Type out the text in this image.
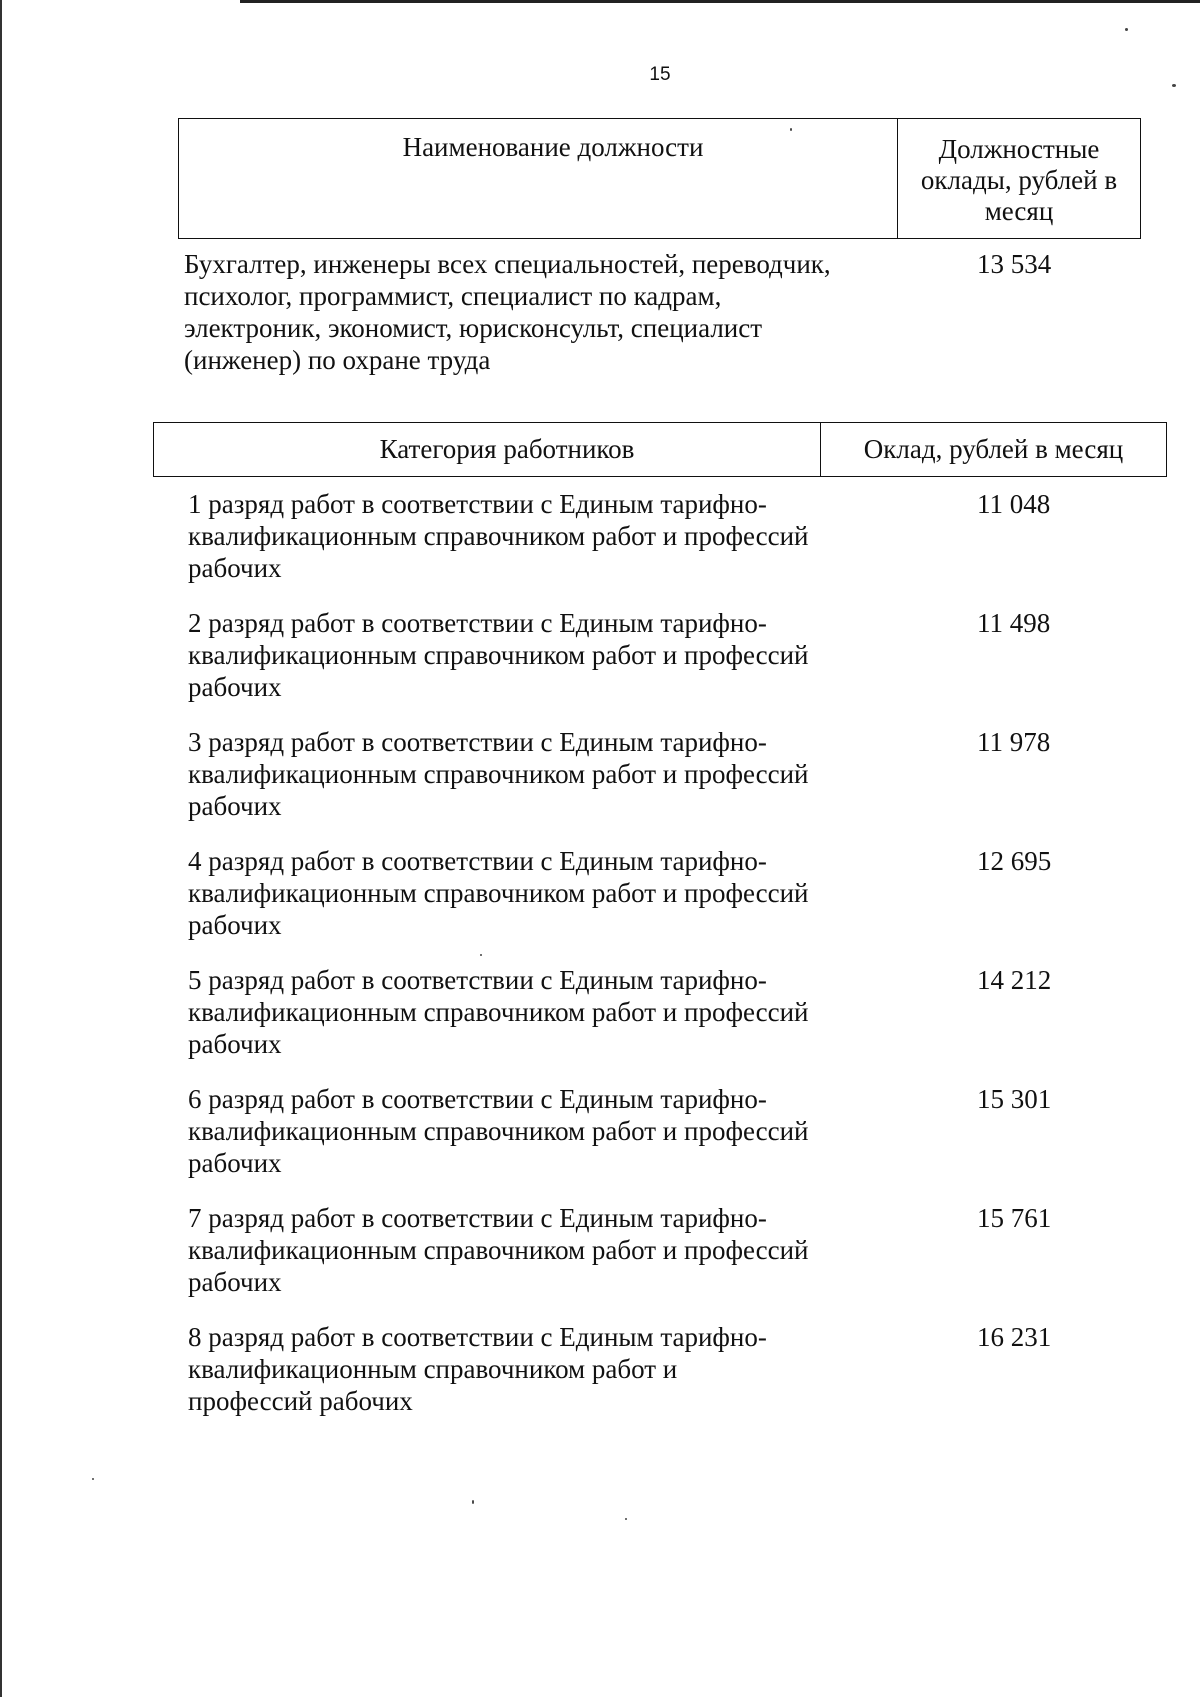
15
Наименование должности	Должностные
оклады, рублей в
месяц
Бухгалтер, инженеры всех специальностей, переводчик,
психолог, программист, специалист по кадрам,
электроник, экономист, юрисконсульт, специалист
(инженер) по охране труда
13 534
Категория работников	Оклад, рублей в месяц
1 разряд работ в соответствии с Единым тарифно-
квалификационным справочником работ и профессий
рабочих
11 048
2 разряд работ в соответствии с Единым тарифно-
квалификационным справочником работ и профессий
рабочих
11 498
3 разряд работ в соответствии с Единым тарифно-
квалификационным справочником работ и профессий
рабочих
11 978
4 разряд работ в соответствии с Единым тарифно-
квалификационным справочником работ и профессий
рабочих
12 695
5 разряд работ в соответствии с Единым тарифно-
квалификационным справочником работ и профессий
рабочих
14 212
6 разряд работ в соответствии с Единым тарифно-
квалификационным справочником работ и профессий
рабочих
15 301
7 разряд работ в соответствии с Единым тарифно-
квалификационным справочником работ и профессий
рабочих
15 761
8 разряд работ в соответствии с Единым тарифно-
квалификационным справочником работ и
профессий рабочих
16 231
